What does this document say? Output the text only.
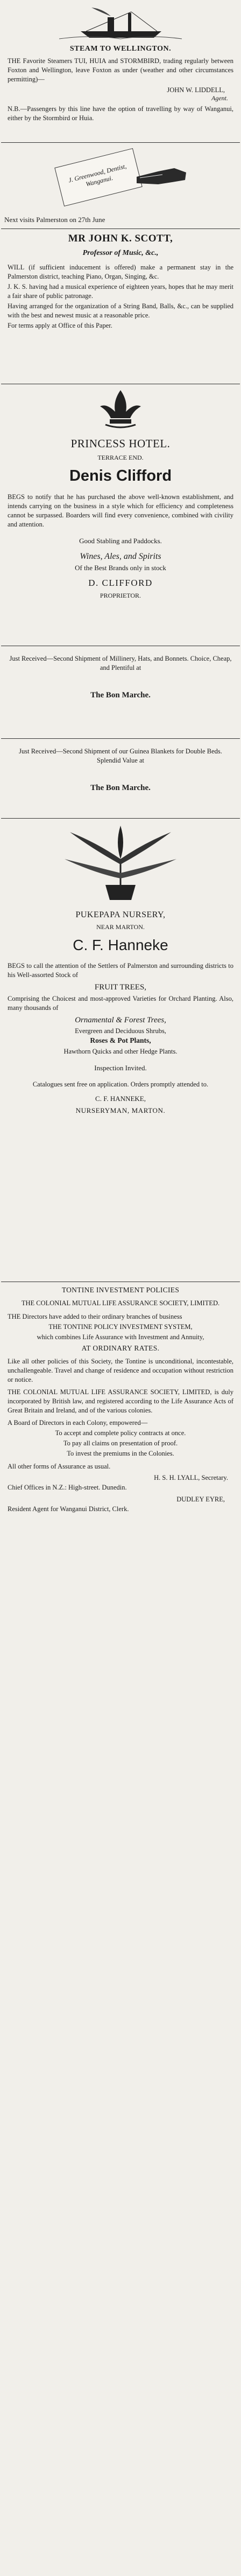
STEAM TO WELLINGTON.

THE Favorite Steamers TUI, HUIA and STORMBIRD, trading regularly between Foxton and Wellington, leave Foxton as under (weather and other circumstances permitting)—

JOHN W. LIDDELL,
Agent.

N.B.—Passengers by this line have the option of travelling by way of Wanganui, either by the Stormbird or Huia.

J. Greenwood, Dentist, Wanganui.
Next visits Palmerston on 27th June
MR JOHN K. SCOTT,
Professor of Music, &c.,

WILL (if sufficient inducement is offered) make a permanent stay in the Palmerston district, teaching Piano, Organ, Singing, &c.

J. K. S. having had a musical experience of eighteen years, hopes that he may merit a fair share of public patronage.

Having arranged for the organization of a String Band, Balls, &c., can be supplied with the best and newest music at a reasonable price.

For terms apply at Office of this Paper.

PRINCESS HOTEL.
TERRACE END.
Denis Clifford

BEGS to notify that he has purchased the above well-known establishment, and intends carrying on the business in a style which for efficiency and completeness cannot be surpassed. Boarders will find every convenience, combined with civility and attention.

Good Stabling and Paddocks.
Wines, Ales, and Spirits
Of the Best Brands only in stock
D. CLIFFORD
PROPRIETOR.

Just Received—Second Shipment of Millinery, Hats, and Bonnets. Choice, Cheap, and Plentiful at

The Bon Marche.

Just Received—Second Shipment of our Guinea Blankets for Double Beds. Splendid Value at

The Bon Marche.
PUKEPAPA NURSERY,
NEAR MARTON.
C. F. Hanneke

BEGS to call the attention of the Settlers of Palmerston and surrounding districts to his Well-assorted Stock of

FRUIT TREES,

Comprising the Choicest and most-approved Varieties for Orchard Planting. Also, many thousands of

Ornamental & Forest Trees,
Evergreen and Deciduous Shrubs,
Roses & Pot Plants,

Hawthorn Quicks and other Hedge Plants.

Inspection Invited.

Catalogues sent free on application. Orders promptly attended to.

C. F. HANNEKE,
NURSERYMAN, MARTON.
TONTINE INVESTMENT POLICIES

THE COLONIAL MUTUAL LIFE ASSURANCE SOCIETY, LIMITED.

THE Directors have added to their ordinary branches of business

THE TONTINE POLICY INVESTMENT SYSTEM,

which combines Life Assurance with Investment and Annuity,

AT ORDINARY RATES.

Like all other policies of this Society, the Tontine is unconditional, incontestable, unchallengeable. Travel and change of residence and occupation without restriction or notice.

THE COLONIAL MUTUAL LIFE ASSURANCE SOCIETY, LIMITED, is duly incorporated by British law, and registered according to the Life Assurance Acts of Great Britain and Ireland, and of the various colonies.

A Board of Directors in each Colony, empowered—

To accept and complete policy contracts at once.

To pay all claims on presentation of proof.

To invest the premiums in the Colonies.

All other forms of Assurance as usual.
H. S. H. LYALL, Secretary.

Chief Offices in N.Z.: High-street. Dunedin.

DUDLEY EYRE,

Resident Agent for Wanganui District, Clerk.
